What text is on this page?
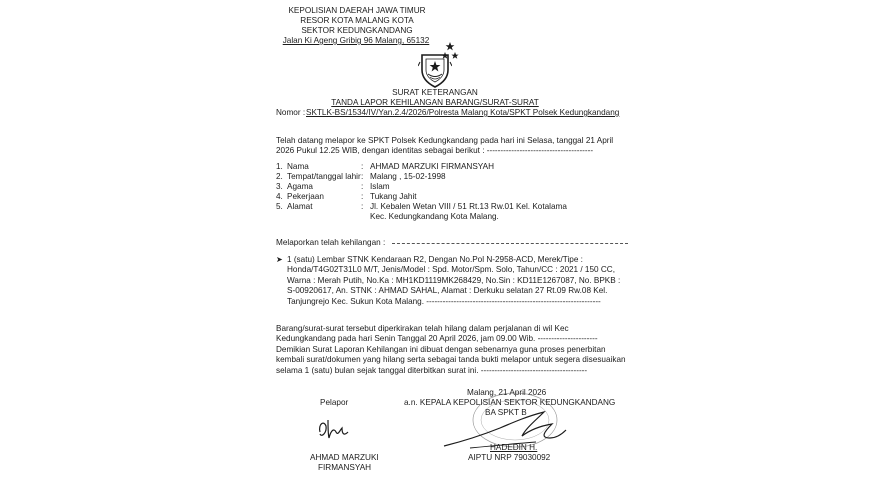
KEPOLISIAN DAERAH JAWA TIMUR
RESOR KOTA MALANG KOTA
SEKTOR KEDUNGKANDANG
Jalan Ki Ageng Gribig 96 Malang, 65132
SURAT KETERANGAN
TANDA LAPOR KEHILANGAN BARANG/SURAT-SURAT
Nomor : SKTLK-BS/1534/IV/Yan.2.4/2026/Polresta Malang Kota/SPKT Polsek Kedungkandang
Telah datang melapor ke SPKT Polsek Kedungkandang pada hari ini Selasa, tanggal 21 April
2026 Pukul 12.25 WIB, dengan identitas sebagai berikut : ---------------------------------------
1. Nama	: AHMAD MARZUKI FIRMANSYAH
2. Tempat/tanggal lahir : Malang , 15-02-1998
3. Agama	: Islam
4. Pekerjaan	: Tukang Jahit
5. Alamat	: Jl. Kebalen Wetan VIII / 51 Rt.13 Rw.01 Kel. Kotalama
Kec. Kedungkandang Kota Malang.
Melaporkan telah kehilangan :
➤ 1 (satu) Lembar STNK Kendaraan R2, Dengan No.Pol N-2958-ACD, Merek/Tipe :
Honda/T4G02T31L0 M/T, Jenis/Model : Spd. Motor/Spm. Solo, Tahun/CC : 2021 / 150 CC,
Warna : Merah Putih, No.Ka : MH1KD1119MK268429, No.Sin : KD11E1267087, No. BPKB :
S-00920617, An. STNK : AHMAD SAHAL, Alamat : Derkuku selatan 27 Rt.09 Rw.08 Kel.
Tanjungrejo Kec. Sukun Kota Malang. ----------------------------------------------------------------
Barang/surat-surat tersebut diperkirakan telah hilang dalam perjalanan di wil Kec
Kedungkandang pada hari Senin Tanggal 20 April 2026, jam 09.00 Wib. ----------------------
Demikian Surat Laporan Kehilangan ini dibuat dengan sebenarnya guna proses penerbitan
kembali surat/dokumen yang hilang serta sebagai tanda bukti melapor untuk segera disesuaikan
selama 1 (satu) bulan sejak tanggal diterbitkan surat ini. ---------------------------------------
Malang, 21 April 2026
a.n. KEPALA KEPOLISIAN SEKTOR KEDUNGKANDANG
BA SPKT B
HADEDIN H.
AIPTU NRP 79030092
Pelapor
AHMAD MARZUKI
FIRMANSYAH
